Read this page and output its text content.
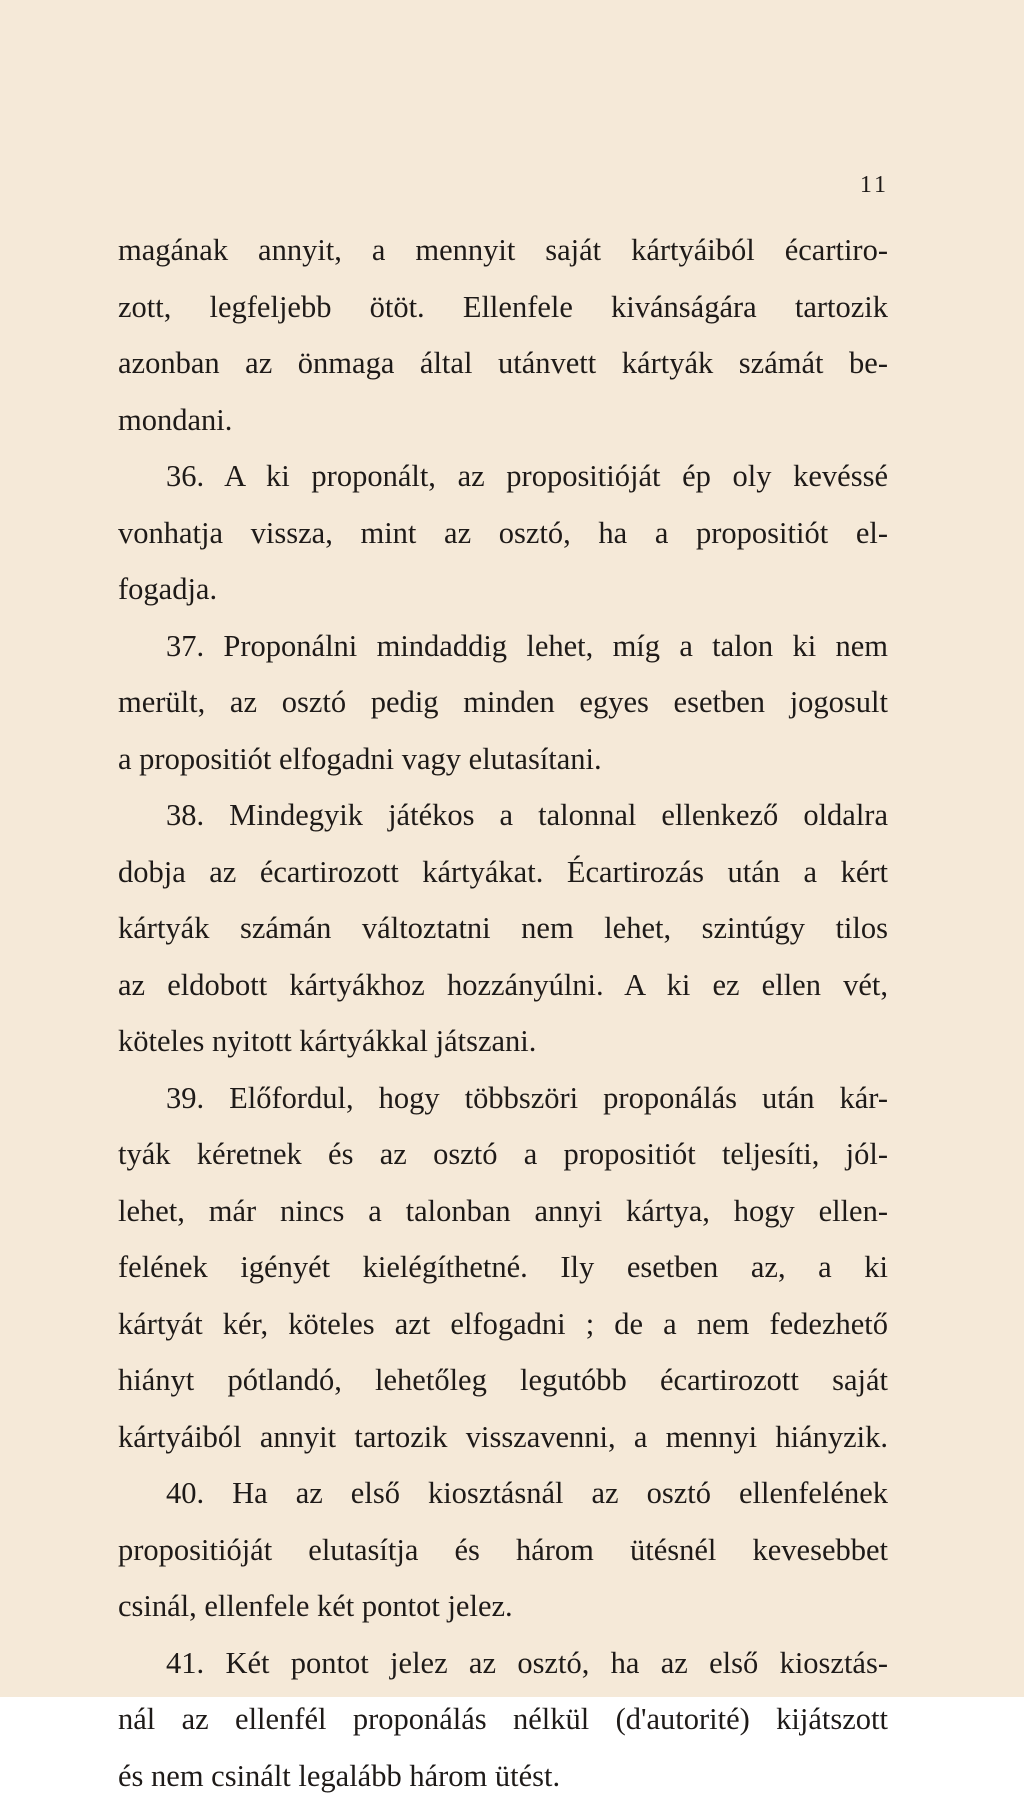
11
magának annyit, a mennyit saját kártyáiból écartiro-
zott, legfeljebb ötöt. Ellenfele kivánságára tartozik
azonban az önmaga által utánvett kártyák számát be-
mondani.
36. A ki proponált, az propositióját ép oly kevéssé
vonhatja vissza, mint az osztó, ha a propositiót el-
fogadja.
37. Proponálni mindaddig lehet, míg a talon ki nem
merült, az osztó pedig minden egyes esetben jogosult
a propositiót elfogadni vagy elutasítani.
38. Mindegyik játékos a talonnal ellenkező oldalra
dobja az écartirozott kártyákat. Écartirozás után a kért
kártyák számán változtatni nem lehet, szintúgy tilos
az eldobott kártyákhoz hozzányúlni. A ki ez ellen vét,
köteles nyitott kártyákkal játszani.
39. Előfordul, hogy többszöri proponálás után kár-
tyák kéretnek és az osztó a propositiót teljesíti, jól-
lehet, már nincs a talonban annyi kártya, hogy ellen-
felének igényét kielégíthetné. Ily esetben az, a ki
kártyát kér, köteles azt elfogadni ; de a nem fedezhető
hiányt pótlandó, lehetőleg legutóbb écartirozott saját
kártyáiból annyit tartozik visszavenni, a mennyi hiányzik.
40. Ha az első kiosztásnál az osztó ellenfelének
propositióját elutasítja és három ütésnél kevesebbet
csinál, ellenfele két pontot jelez.
41. Két pontot jelez az osztó, ha az első kiosztás-
nál az ellenfél proponálás nélkül (d'autorité) kijátszott
és nem csinált legalább három ütést.
